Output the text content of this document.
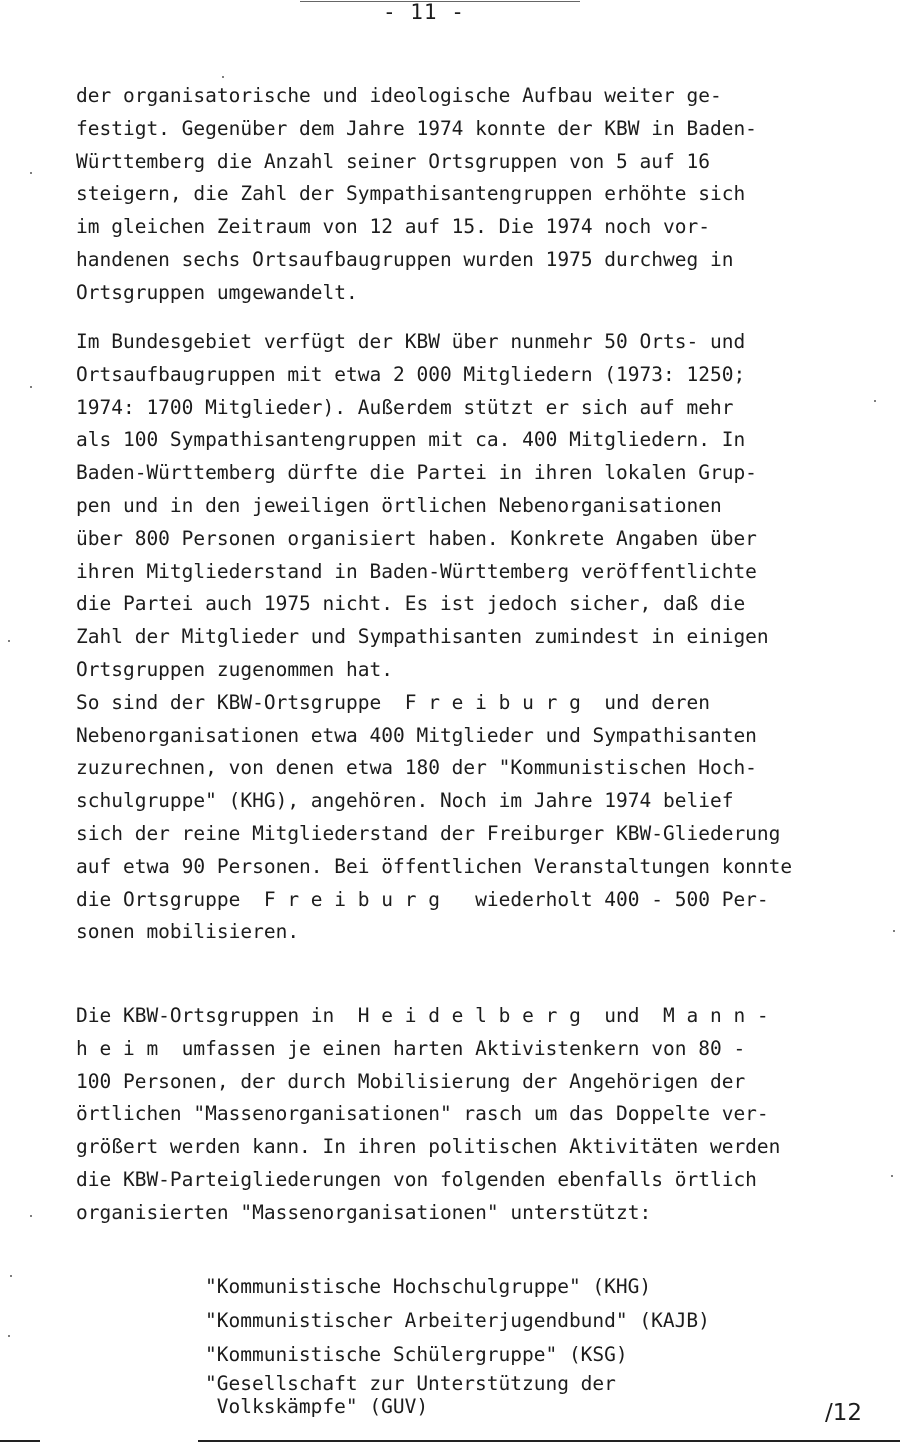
- 11 -
der organisatorische und ideologische Aufbau weiter ge-
festigt. Gegenüber dem Jahre 1974 konnte der KBW in Baden-
Württemberg die Anzahl seiner Ortsgruppen von 5 auf 16
steigern, die Zahl der Sympathisantengruppen erhöhte sich
im gleichen Zeitraum von 12 auf 15. Die 1974 noch vor-
handenen sechs Ortsaufbaugruppen wurden 1975 durchweg in
Ortsgruppen umgewandelt.
Im Bundesgebiet verfügt der KBW über nunmehr 50 Orts- und
Ortsaufbaugruppen mit etwa 2 000 Mitgliedern (1973: 1250;
1974: 1700 Mitglieder). Außerdem stützt er sich auf mehr
als 100 Sympathisantengruppen mit ca. 400 Mitgliedern. In
Baden-Württemberg dürfte die Partei in ihren lokalen Grup-
pen und in den jeweiligen örtlichen Nebenorganisationen
über 800 Personen organisiert haben. Konkrete Angaben über
ihren Mitgliederstand in Baden-Württemberg veröffentlichte
die Partei auch 1975 nicht. Es ist jedoch sicher, daß die
Zahl der Mitglieder und Sympathisanten zumindest in einigen
Ortsgruppen zugenommen hat.
So sind der KBW-Ortsgruppe  F r e i b u r g  und deren
Nebenorganisationen etwa 400 Mitglieder und Sympathisanten
zuzurechnen, von denen etwa 180 der "Kommunistischen Hoch-
schulgruppe" (KHG), angehören. Noch im Jahre 1974 belief
sich der reine Mitgliederstand der Freiburger KBW-Gliederung
auf etwa 90 Personen. Bei öffentlichen Veranstaltungen konnte
die Ortsgruppe  F r e i b u r g   wiederholt 400 - 500 Per-
sonen mobilisieren.
Die KBW-Ortsgruppen in  H e i d e l b e r g  und  M a n n -
h e i m  umfassen je einen harten Aktivistenkern von 80 -
100 Personen, der durch Mobilisierung der Angehörigen der
örtlichen "Massenorganisationen" rasch um das Doppelte ver-
größert werden kann. In ihren politischen Aktivitäten werden
die KBW-Parteigliederungen von folgenden ebenfalls örtlich
organisierten "Massenorganisationen" unterstützt:
"Kommunistische Hochschulgruppe" (KHG)
"Kommunistischer Arbeiterjugendbund" (KAJB)
"Kommunistische Schülergruppe" (KSG)
"Gesellschaft zur Unterstützung der
Volkskämpfe" (GUV)	/12
